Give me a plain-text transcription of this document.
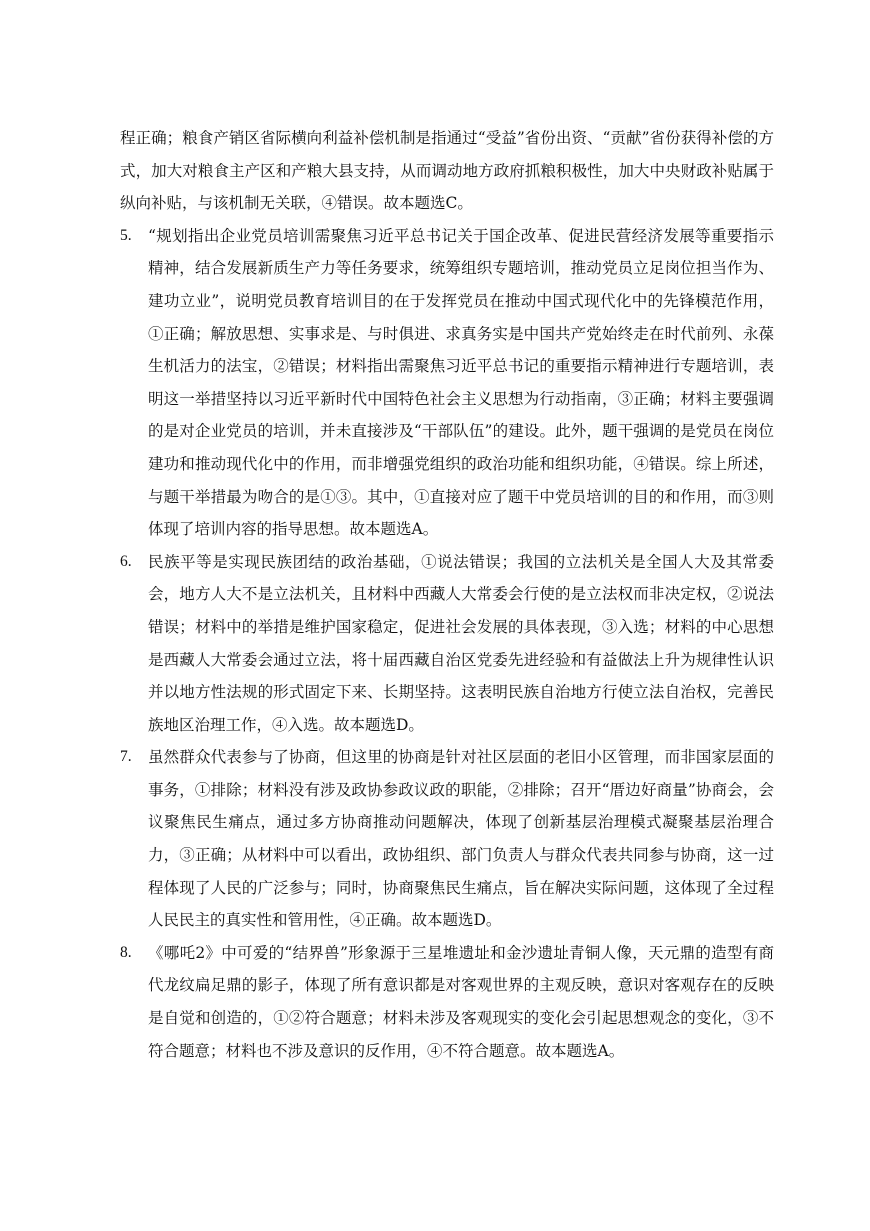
程正确；粮食产销区省际横向利益补偿机制是指通过“受益”省份出资、“贡献”省份获得补偿的方式，加大对粮食主产区和产粮大县支持，从而调动地方政府抓粮积极性，加大中央财政补贴属于纵向补贴，与该机制无关联，④错误。故本题选C。

5. “规划指出企业党员培训需聚焦习近平总书记关于国企改革、促进民营经济发展等重要指示精神，结合发展新质生产力等任务要求，统筹组织专题培训，推动党员立足岗位担当作为、建功立业”，说明党员教育培训目的在于发挥党员在推动中国式现代化中的先锋模范作用，①正确；解放思想、实事求是、与时俱进、求真务实是中国共产党始终走在时代前列、永葆生机活力的法宝，②错误；材料指出需聚焦习近平总书记的重要指示精神进行专题培训，表明这一举措坚持以习近平新时代中国特色社会主义思想为行动指南，③正确；材料主要强调的是对企业党员的培训，并未直接涉及“干部队伍”的建设。此外，题干强调的是党员在岗位建功和推动现代化中的作用，而非增强党组织的政治功能和组织功能，④错误。综上所述，与题干举措最为吻合的是①③。其中，①直接对应了题干中党员培训的目的和作用，而③则体现了培训内容的指导思想。故本题选A。
6. 民族平等是实现民族团结的政治基础，①说法错误；我国的立法机关是全国人大及其常委会，地方人大不是立法机关，且材料中西藏人大常委会行使的是立法权而非决定权，②说法错误；材料中的举措是维护国家稳定，促进社会发展的具体表现，③入选；材料的中心思想是西藏人大常委会通过立法，将十届西藏自治区党委先进经验和有益做法上升为规律性认识并以地方性法规的形式固定下来、长期坚持。这表明民族自治地方行使立法自治权，完善民族地区治理工作，④入选。故本题选D。
7. 虽然群众代表参与了协商，但这里的协商是针对社区层面的老旧小区管理，而非国家层面的事务，①排除；材料没有涉及政协参政议政的职能，②排除；召开“厝边好商量”协商会，会议聚焦民生痛点，通过多方协商推动问题解决，体现了创新基层治理模式凝聚基层治理合力，③正确；从材料中可以看出，政协组织、部门负责人与群众代表共同参与协商，这一过程体现了人民的广泛参与；同时，协商聚焦民生痛点，旨在解决实际问题，这体现了全过程人民民主的真实性和管用性，④正确。故本题选D。
8. 《哪吒2》中可爱的“结界兽”形象源于三星堆遗址和金沙遗址青铜人像，天元鼎的造型有商代龙纹扁足鼎的影子，体现了所有意识都是对客观世界的主观反映，意识对客观存在的反映是自觉和创造的，①②符合题意；材料未涉及客观现实的变化会引起思想观念的变化，③不符合题意；材料也不涉及意识的反作用，④不符合题意。故本题选A。
